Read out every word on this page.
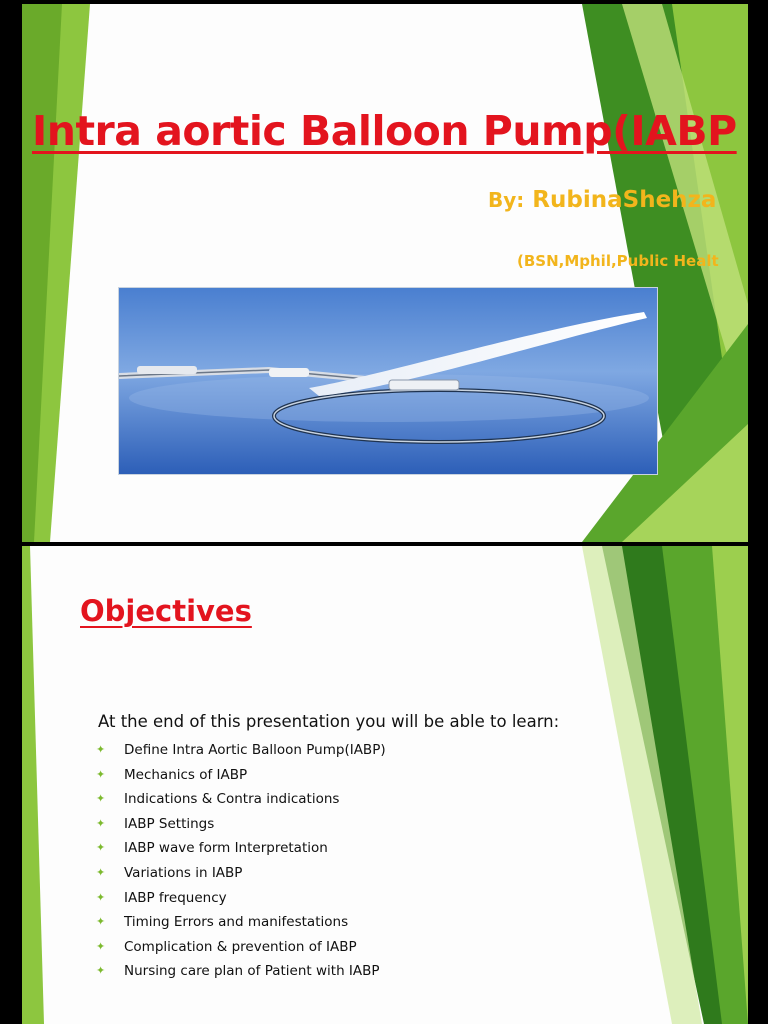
Intra aortic Balloon Pump(IABP

By: RubinaShehza

(BSN,Mphil,Public Healt

Objectives

At the end of this presentation you will be able to learn:

✦ Define Intra Aortic Balloon Pump(IABP)
✦ Mechanics of IABP
✦ Indications & Contra indications
✦ IABP Settings
✦ IABP wave form Interpretation
✦ Variations in IABP
✦ IABP frequency
✦ Timing Errors and manifestations
✦ Complication & prevention of IABP
✦ Nursing care plan of Patient with IABP
